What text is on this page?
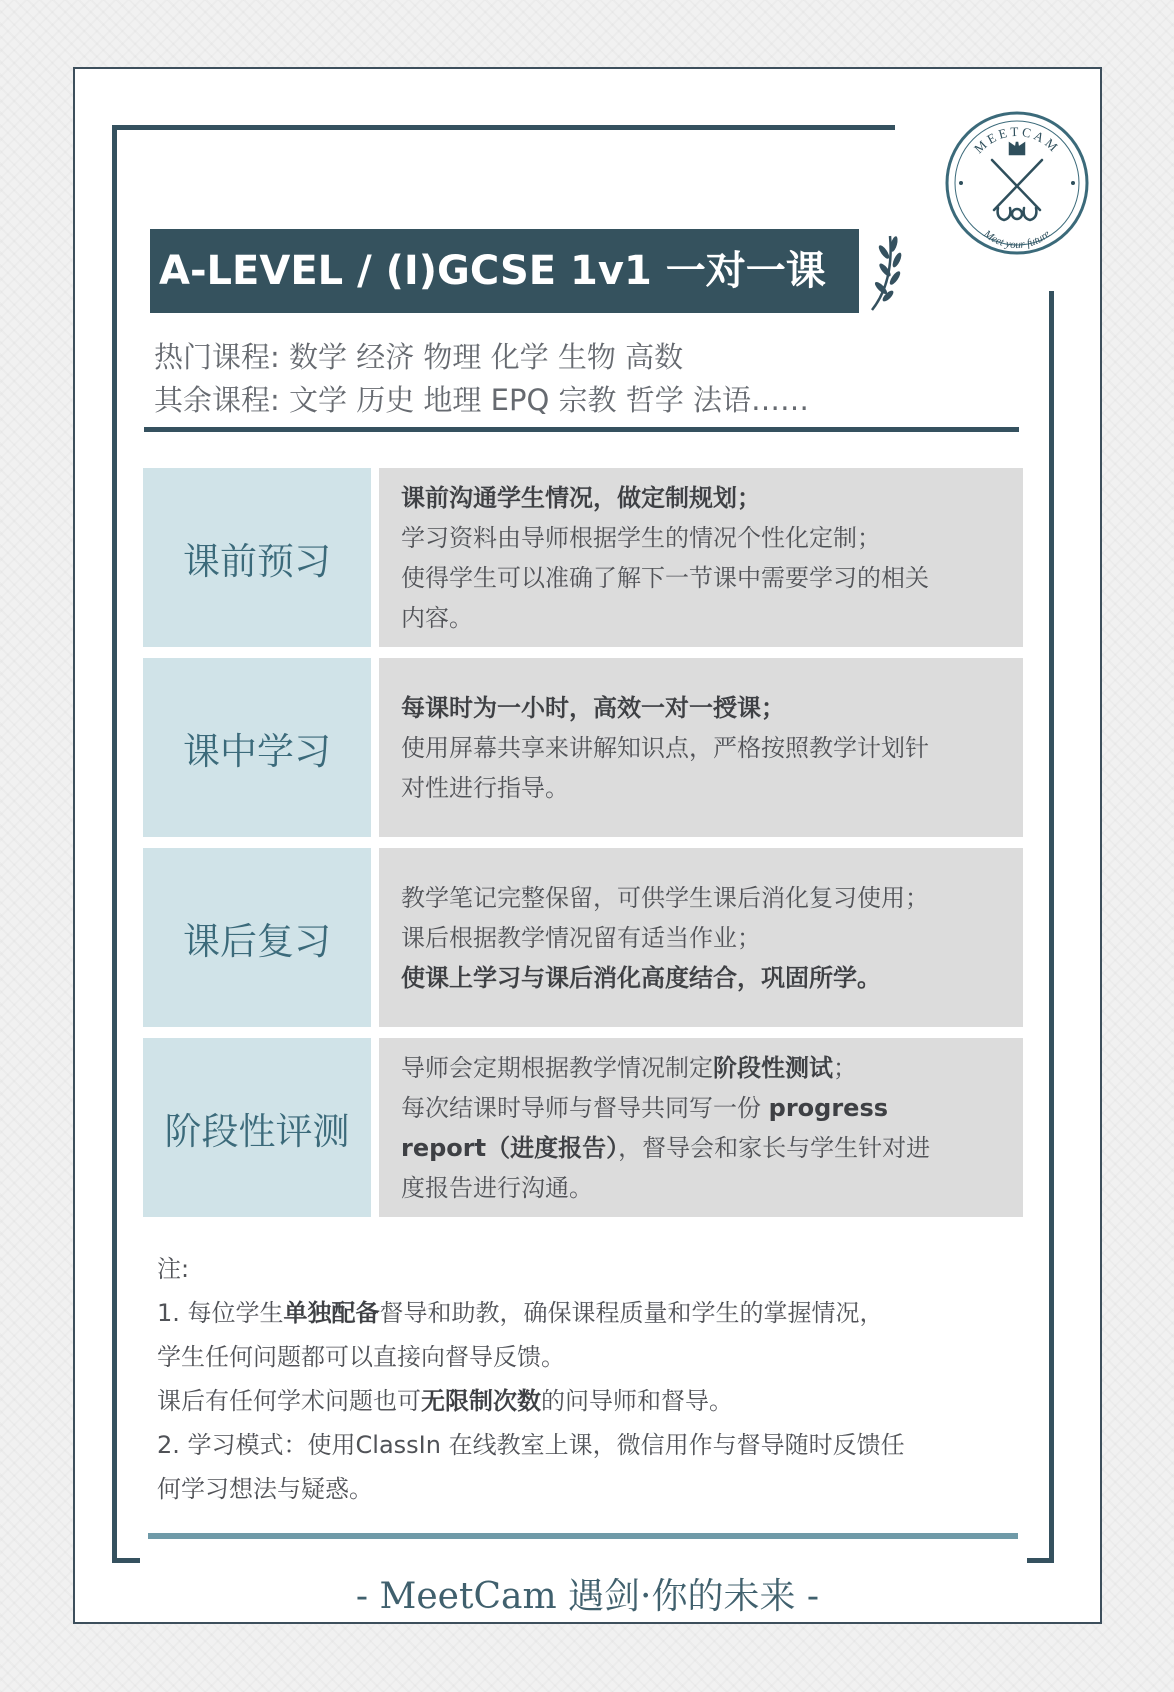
MEETCAM
Meet your future
A-LEVEL / (I)GCSE 1v1 一对一课
热门课程: 数学 经济 物理 化学 生物 高数
其余课程: 文学 历史 地理 EPQ 宗教 哲学 法语……
课前预习

课前沟通学生情况，做定制规划；

学习资料由导师根据学生的情况个性化定制；

使得学生可以准确了解下一节课中需要学习的相关

内容。

课中学习

每课时为一小时，高效一对一授课；

使用屏幕共享来讲解知识点，严格按照教学计划针

对性进行指导。

课后复习

教学笔记完整保留，可供学生课后消化复习使用；

课后根据教学情况留有适当作业；

使课上学习与课后消化高度结合，巩固所学。

阶段性评测

导师会定期根据教学情况制定阶段性测试；

每次结课时导师与督导共同写一份 progress

report（进度报告），督导会和家长与学生针对进

度报告进行沟通。

注:

1. 每位学生单独配备督导和助教，确保课程质量和学生的掌握情况，

学生任何问题都可以直接向督导反馈。

课后有任何学术问题也可无限制次数的问导师和督导。

2. 学习模式：使用ClassIn 在线教室上课，微信用作与督导随时反馈任

何学习想法与疑惑。

- MeetCam 遇剑·你的未来 -
